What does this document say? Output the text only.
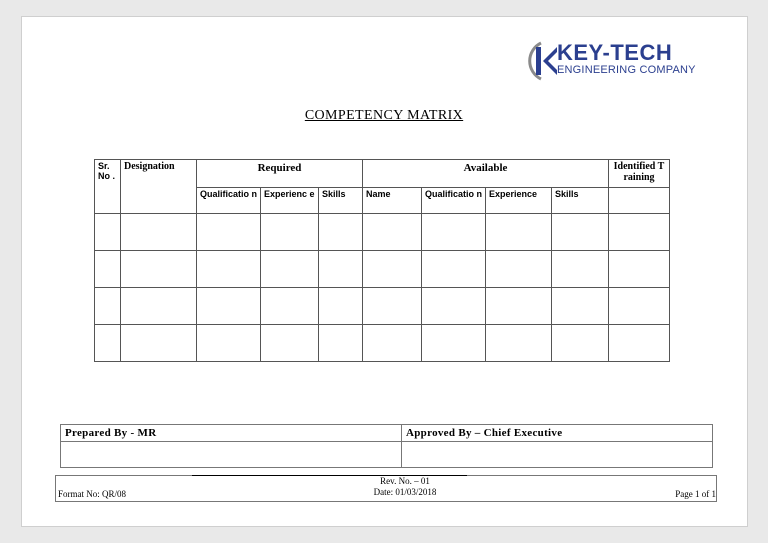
KEY-TECH
ENGINEERING COMPANY
COMPETENCY MATRIX
Sr. No .	Designation	Required			Available				Identified Training
		Qualificatio n	Experienc e	Skills	Name	Qualificatio n	Experience	Skills	

Prepared By - MR	Approved By – Chief Executive

Format No: QR/08
Rev. No. – 01
Date: 01/03/2018	Page 1 of 1
